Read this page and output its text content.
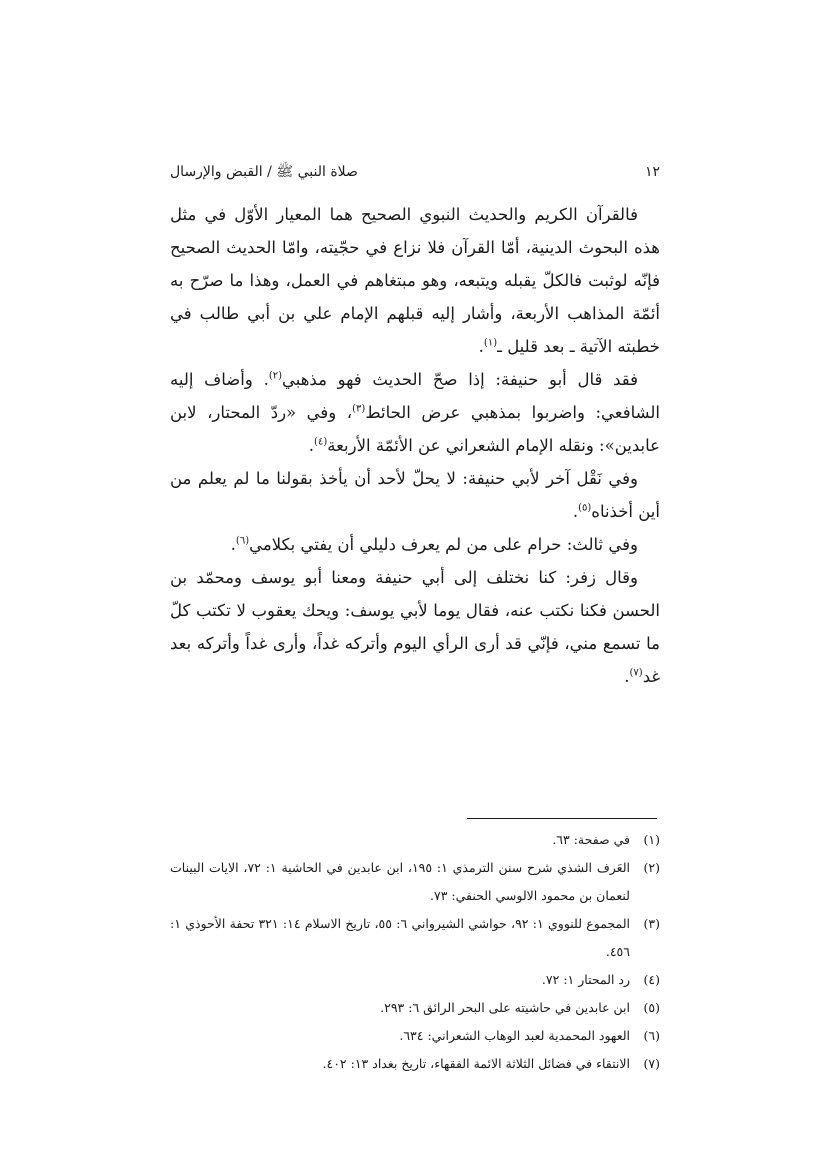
١٢
صلاة النبي ﷺ / القبض والإرسال

فالقرآن الكريم والحديث النبوي الصحيح هما المعيار الأوّل في مثل هذه البحوث الدينية، أمّا القرآن فلا نزاع في حجّيته، وامّا الحديث الصحيح فإنّه لوثبت فالكلّ يقبله ويتبعه، وهو مبتغاهم في العمل، وهذا ما صرّح به أئمّة المذاهب الأربعة، وأشار إليه قبلهم الإمام علي بن أبي طالب في خطبته الآتية ـ بعد قليل ـ$^{(١)}$.

فقد قال أبو حنيفة: إذا صحّ الحديث فهو مذهبي$^{(٢)}$. وأضاف إليه الشافعي: واضربوا بمذهبي عرض الحائط$^{(٣)}$، وفي «ردّ المحتار، لابن عابدين»: ونقله الإمام الشعراني عن الأئمّة الأربعة$^{(٤)}$.

وفي نَقْل آخر لأبي حنيفة: لا يحلّ لأحد أن يأخذ بقولنا ما لم يعلم من أين أخذناه$^{(٥)}$.

وفي ثالث: حرام على من لم يعرف دليلي أن يفتي بكلامي$^{(٦)}$.

وقال زفر: كنا نختلف إلى أبي حنيفة ومعنا أبو يوسف ومحمّد بن الحسن فكنا نكتب عنه، فقال يوما لأبي يوسف: ويحك يعقوب لا تكتب كلّ ما تسمع مني، فإنّي قد أرى الرأي اليوم وأتركه غداً، وأرى غداً وأتركه بعد غد$^{(٧)}$.

(١)
في صفحة: ٦٣.

(٢)
العَرف الشذي شرح سنن الترمذي ١: ١٩٥، ابن عابدين في الحاشية ١: ٧٢، الايات البينات لنعمان بن محمود الالوسي الحنفي: ٧٣.

(٣)
المجموع للنووي ١: ٩٢، حواشي الشيرواني ٦: ٥٥، تاريخ الاسلام ١٤: ٣٢١ تحفة الأحوذي ١: ٤٥٦.

(٤)
رد المحتار ١: ٧٢.

(٥)
ابن عابدين في حاشيته على البحر الرائق ٦: ٢٩٣.

(٦)
العهود المحمدية لعبد الوهاب الشعراني: ٦٣٤.

(٧)
الانتقاء في فضائل الثلاثة الائمة الفقهاء، تاريخ بغداد ١٣: ٤٠٢.
